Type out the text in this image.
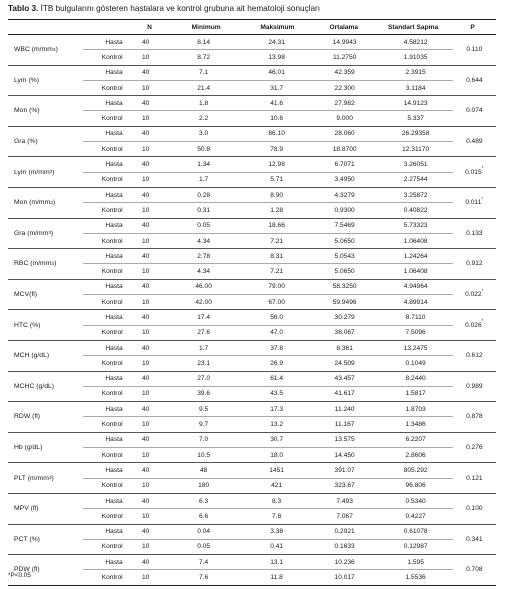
Tablo 3. İTB bulgularını gösteren hastalara ve kontrol grubuna ait hematoloji sonuçları
N	Minimum	Maksimum	Ortalama	Standart Sapma	P
WBC ($m/mm^3$ )
Hasta	40	8.14	24.31	14.9943	4.58212
Kontrol	10	8.72	13.98	11.2750	1.91035
0.110
Lym (%)
Hasta	40	7.1	46.01	42.359	2.3915
Kontrol	10	21.4	31.7	22.300	3.1184
0.644
Mon (%)
Hasta	40	1.8	41.6	27.982	14.9123
Kontrol	10	2.2	10.6	9.000	5.337
0.074
Gra (%)
Hasta	40	3.0	86.10	28.060	26.29358
Kontrol	10	50.8	78.9	18.8700	12.31170
0.489
Lym ($m/mm^3$ )
Hasta	40	1.34	12.98	6.7071	3.26051
Kontrol	10	1.7	5.71	3.4950	2.27544
0.015*
Mon ($m/mm^3$ )
Hasta	40	0.28	8.90	4.3279	3.25872
Kontrol	10	0.31	1.28	0.9300	0.40822
0.011*
Gra ($m/mm^3$ )
Hasta	40	0.05	18.66	7.5469	5.73323
Kontrol	10	4.34	7.21	5.0650	1.06408
0.133
RBC ($m/mm^3$ )
Hasta	40	2.78	8.31	5.0543	1.24264
Kontrol	10	4.34	7.21	5.0650	1.06408
0.912
MCV(fl)
Hasta	40	46.00	79.00	58.3250	4.94964
Kontrol	10	42.00	67.00	59.9496	4.89914
0.022*
HTC (%)
Hasta	40	17.4	56.0	30.279	8.7110
Kontrol	10	27.6	47.0	38.067	7.5096
0.026*
MCH (g/dL)
Hasta	40	1.7	37.8	8.361	13.2475
Kontrol	10	23.1	26.9	24.509	0.1049
0.612
MCHC (g/dL)
Hasta	40	27.0	61.4	43.457	8.2440
Kontrol	10	39.6	43.5	41.617	1.5817
0.989
RDW (fl)
Hasta	40	9.5	17.3	11.240	1.8703
Kontrol	10	9.7	13.2	11.167	1.3486
0.878
Hb (g/dL)
Hasta	40	7.0	30.7	13.575	6.2207
Kontrol	10	10.5	18.0	14.450	2.8606
0.276
PLT ($m/mm^3$ )
Hasta	40	48	1451	391.07	805.292
Kontrol	10	180	421	323.67	96.806
0.121
MPV (fl)
Hasta	40	6.3	8.3	7.493	0.5340
Kontrol	10	6.6	7.8	7.067	0.4227
0.100
PCT (%)
Hasta	40	0.04	3.38	0.2921	0.61078
Kontrol	10	0.05	0.41	0.1633	0.12987
0.341
PDW (fl)
Hasta	40	7.4	13.1	10.236	1.595
Kontrol	10	7.6	11.8	10.017	1.5536
0.708
*P<0.05
